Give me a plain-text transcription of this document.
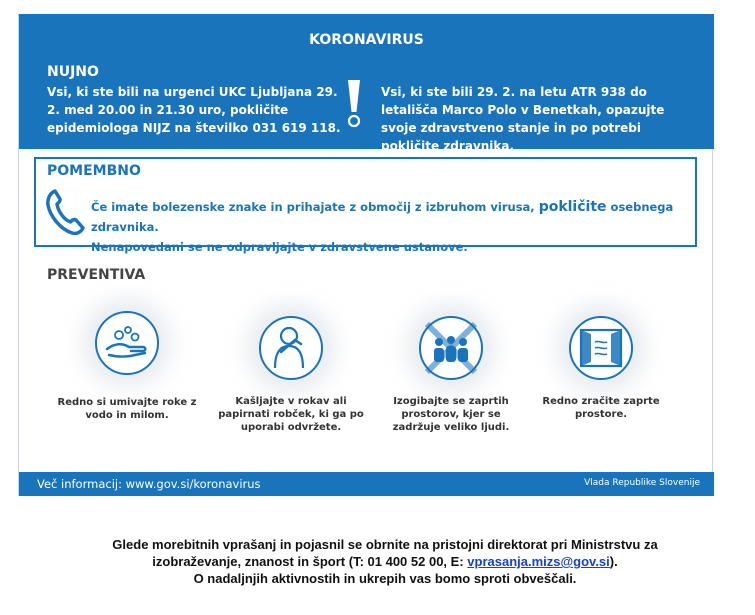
KORONAVIRUS
NUJNO
Vsi, ki ste bili na urgenci UKC Ljubljana 29. 2. med 20.00 in 21.30 uro, pokličite epidemiologa NIJZ na številko 031 619 118.
Vsi, ki ste bili 29. 2. na letu ATR 938 do letališča Marco Polo v Benetkah, opazujte svoje zdravstveno stanje in po potrebi pokličite zdravnika.
POMEMBNO
Če imate bolezenske znake in prihajate z območij z izbruhom virusa, pokličite osebnega zdravnika.
Nenapovedani se ne odpravljajte v zdravstvene ustanove.
PREVENTIVA
Redno si umivajte roke z vodo in milom.
Kašljajte v rokav ali papirnati robček, ki ga po uporabi odvržete.
Izogibajte se zaprtih prostorov, kjer se zadržuje veliko ljudi.
Redno zračite zaprte prostore.
Več informacij: www.gov.si/koronavirus	Vlada Republike Slovenije
Glede morebitnih vprašanj in pojasnil se obrnite na pristojni direktorat pri Ministrstvu za
izobraževanje, znanost in šport (T: 01 400 52 00, E: vprasanja.mizs@gov.si).
O nadaljnjih aktivnostih in ukrepih vas bomo sproti obveščali.
